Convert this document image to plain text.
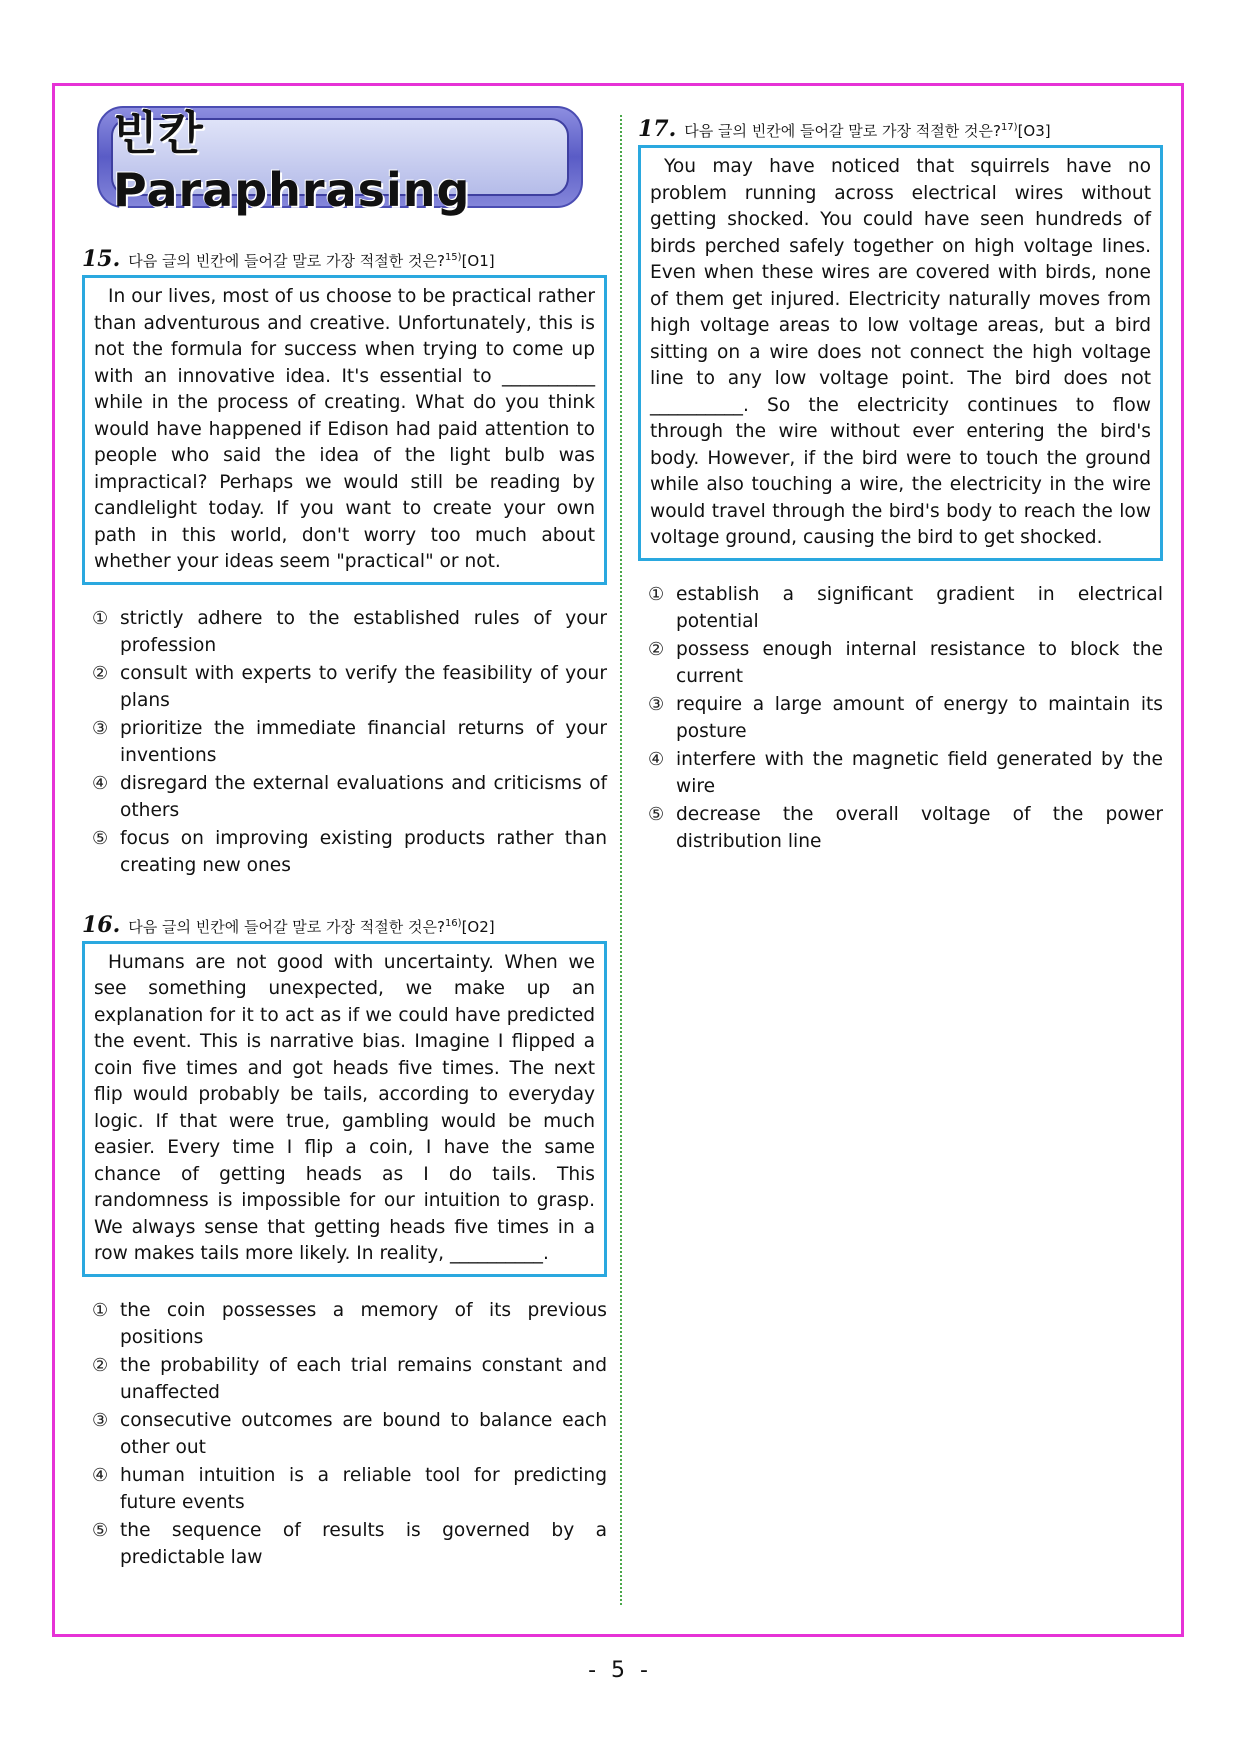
빈칸 Paraphrasing
15. 다음 글의 빈칸에 들어갈 말로 가장 적절한 것은?$^{15)}$[O1]
In our lives, most of us choose to be practical rather than adventurous and creative. Unfortunately, this is not the formula for success when trying to come up with an innovative idea. It's essential to __________ while in the process of creating. What do you think would have happened if Edison had paid attention to people who said the idea of the light bulb was impractical? Perhaps we would still be reading by candlelight today. If you want to create your own path in this world, don't worry too much about whether your ideas seem "practical" or not.
① strictly adhere to the established rules of your profession
② consult with experts to verify the feasibility of your plans
③ prioritize the immediate financial returns of your inventions
④ disregard the external evaluations and criticisms of others
⑤ focus on improving existing products rather than creating new ones
16. 다음 글의 빈칸에 들어갈 말로 가장 적절한 것은?$^{16)}$[O2]
Humans are not good with uncertainty. When we see something unexpected, we make up an explanation for it to act as if we could have predicted the event. This is narrative bias. Imagine I flipped a coin five times and got heads five times. The next flip would probably be tails, according to everyday logic. If that were true, gambling would be much easier. Every time I flip a coin, I have the same chance of getting heads as I do tails. This randomness is impossible for our intuition to grasp. We always sense that getting heads five times in a row makes tails more likely. In reality, __________.
① the coin possesses a memory of its previous positions
② the probability of each trial remains constant and unaffected
③ consecutive outcomes are bound to balance each other out
④ human intuition is a reliable tool for predicting future events
⑤ the sequence of results is governed by a predictable law
17. 다음 글의 빈칸에 들어갈 말로 가장 적절한 것은?$^{17)}$[O3]
You may have noticed that squirrels have no problem running across electrical wires without getting shocked. You could have seen hundreds of birds perched safely together on high voltage lines. Even when these wires are covered with birds, none of them get injured. Electricity naturally moves from high voltage areas to low voltage areas, but a bird sitting on a wire does not connect the high voltage line to any low voltage point. The bird does not __________. So the electricity continues to flow through the wire without ever entering the bird's body. However, if the bird were to touch the ground while also touching a wire, the electricity in the wire would travel through the bird's body to reach the low voltage ground, causing the bird to get shocked.
① establish a significant gradient in electrical potential
② possess enough internal resistance to block the current
③ require a large amount of energy to maintain its posture
④ interfere with the magnetic field generated by the wire
⑤ decrease the overall voltage of the power distribution line
- 5 -
